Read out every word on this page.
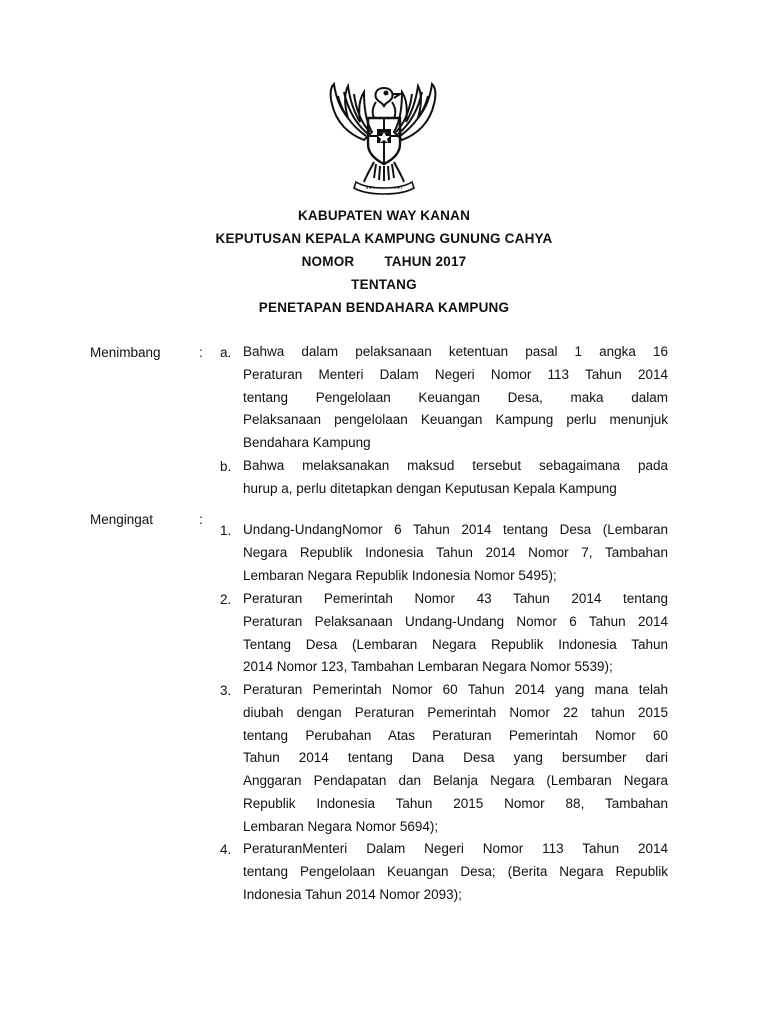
KABUPATEN WAY KANAN
KEPUTUSAN KEPALA KAMPUNG GUNUNG CAHYA
NOMOR TAHUN 2017
TENTANG
PENETAPAN BENDAHARA KAMPUNG
Menimbang	: a. Bahwa dalam pelaksanaan ketentuan pasal 1 angka 16
Peraturan Menteri Dalam Negeri Nomor 113 Tahun 2014
tentang Pengelolaan Keuangan Desa, maka dalam
Pelaksanaan pengelolaan Keuangan Kampung perlu menunjuk
Bendahara Kampung
b. Bahwa melaksanakan maksud tersebut sebagaimana pada
hurup a, perlu ditetapkan dengan Keputusan Kepala Kampung
Mengingat	:
1. Undang-UndangNomor 6 Tahun 2014 tentang Desa (Lembaran
Negara Republik Indonesia Tahun 2014 Nomor 7, Tambahan
Lembaran Negara Republik Indonesia Nomor 5495);
2. Peraturan Pemerintah Nomor 43 Tahun 2014 tentang
Peraturan Pelaksanaan Undang-Undang Nomor 6 Tahun 2014
Tentang Desa (Lembaran Negara Republik Indonesia Tahun
2014 Nomor 123, Tambahan Lembaran Negara Nomor 5539);
3. Peraturan Pemerintah Nomor 60 Tahun 2014 yang mana telah
diubah dengan Peraturan Pemerintah Nomor 22 tahun 2015
tentang Perubahan Atas Peraturan Pemerintah Nomor 60
Tahun 2014 tentang Dana Desa yang bersumber dari
Anggaran Pendapatan dan Belanja Negara (Lembaran Negara
Republik Indonesia Tahun 2015 Nomor 88, Tambahan
Lembaran Negara Nomor 5694);
4. PeraturanMenteri Dalam Negeri Nomor 113 Tahun 2014
tentang Pengelolaan Keuangan Desa; (Berita Negara Republik
Indonesia Tahun 2014 Nomor 2093);
